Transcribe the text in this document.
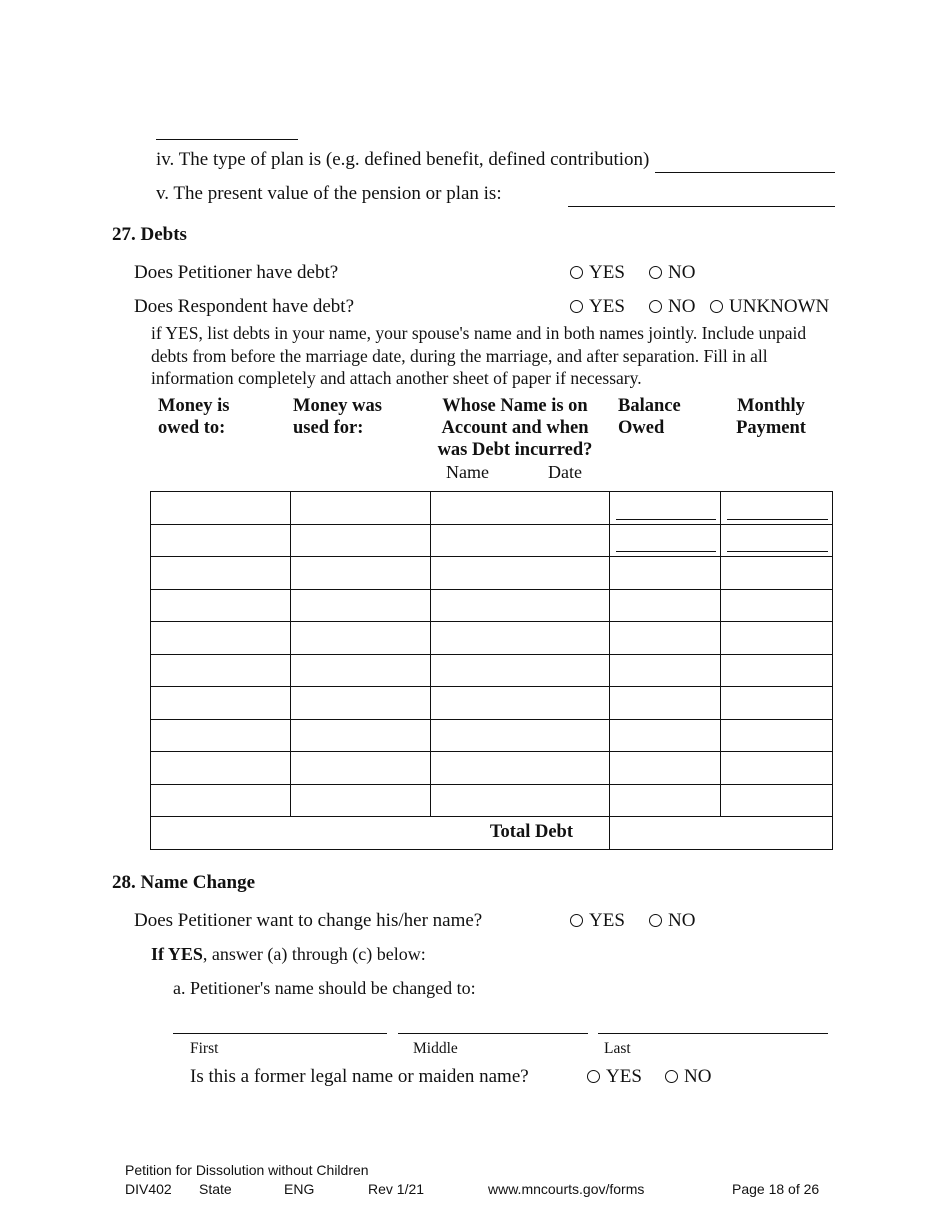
iv. The type of plan is (e.g. defined benefit, defined contribution)
v. The present value of the pension or plan is:
27. Debts
Does Petitioner have debt?	YES	NO
Does Respondent have debt?	YES	NO	UNKNOWN
if YES, list debts in your name, your spouse's name and in both names jointly. Include unpaid debts from before the marriage date, during the marriage, and after separation. Fill in all information completely and attach another sheet of paper if necessary.
Money is
owed to:
Money was
used for:
Whose Name is on
Account and when
was Debt incurred?
Name	Date
Balance
Owed
Monthly
Payment

Total Debt				
28. Name Change
Does Petitioner want to change his/her name?	YES	NO
If YES, answer (a) through (c) below:
a. Petitioner's name should be changed to:
First	Middle	Last
Is this a former legal name or maiden name?	YES	NO
Petition for Dissolution without Children
DIV402 State	ENG	Rev 1/21	www.mncourts.gov/forms	Page 18 of 26
